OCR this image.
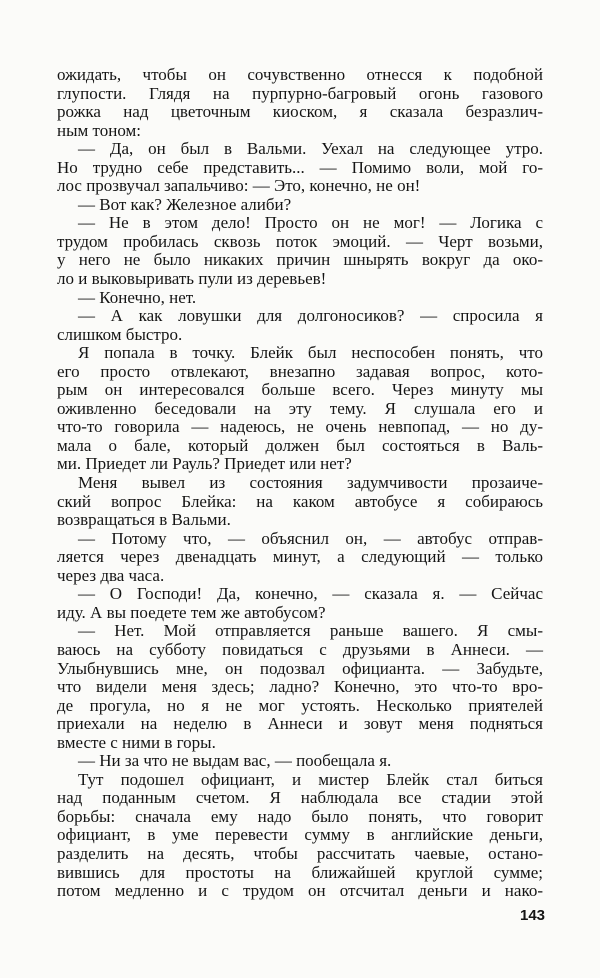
ожидать, чтобы он сочувственно отнесся к подобной
глупости. Глядя на пурпурно-багровый огонь газового
рожка над цветочным киоском, я сказала безразлич-
ным тоном:
— Да, он был в Вальми. Уехал на следующее утро.
Но трудно себе представить... — Помимо воли, мой го-
лос прозвучал запальчиво: — Это, конечно, не он!
— Вот как? Железное алиби?
— Не в этом дело! Просто он не мог! — Логика с
трудом пробилась сквозь поток эмоций. — Черт возьми,
у него не было никаких причин шнырять вокруг да око-
ло и выковыривать пули из деревьев!
— Конечно, нет.
— А как ловушки для долгоносиков? — спросила я
слишком быстро.
Я попала в точку. Блейк был неспособен понять, что
его просто отвлекают, внезапно задавая вопрос, кото-
рым он интересовался больше всего. Через минуту мы
оживленно беседовали на эту тему. Я слушала его и
что-то говорила — надеюсь, не очень невпопад, — но ду-
мала о бале, который должен был состояться в Валь-
ми. Приедет ли Рауль? Приедет или нет?
Меня вывел из состояния задумчивости прозаиче-
ский вопрос Блейка: на каком автобусе я собираюсь
возвращаться в Вальми.
— Потому что, — объяснил он, — автобус отправ-
ляется через двенадцать минут, а следующий — только
через два часа.
— О Господи! Да, конечно, — сказала я. — Сейчас
иду. А вы поедете тем же автобусом?
— Нет. Мой отправляется раньше вашего. Я смы-
ваюсь на субботу повидаться с друзьями в Аннеси. —
Улыбнувшись мне, он подозвал официанта. — Забудьте,
что видели меня здесь; ладно? Конечно, это что-то вро-
де прогула, но я не мог устоять. Несколько приятелей
приехали на неделю в Аннеси и зовут меня подняться
вместе с ними в горы.
— Ни за что не выдам вас, — пообещала я.
Тут подошел официант, и мистер Блейк стал биться
над поданным счетом. Я наблюдала все стадии этой
борьбы: сначала ему надо было понять, что говорит
официант, в уме перевести сумму в английские деньги,
разделить на десять, чтобы рассчитать чаевые, остано-
вившись для простоты на ближайшей круглой сумме;
потом медленно и с трудом он отсчитал деньги и нако-
143
